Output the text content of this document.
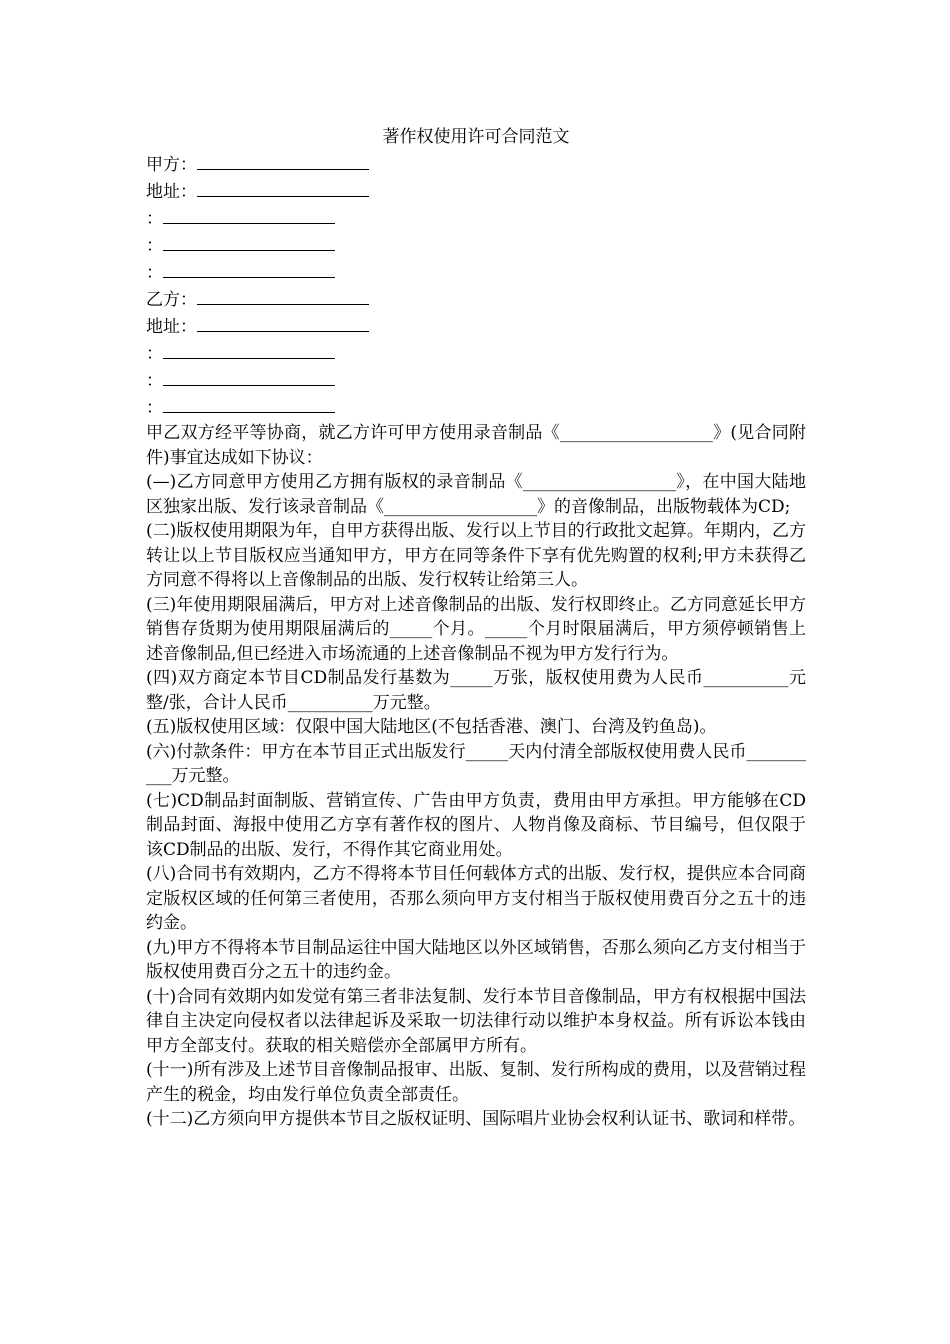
著作权使用许可合同范文
甲方：
地址：
：
：
：
乙方：
地址：
：
：
：

甲乙双方经平等协商，就乙方许可甲方使用录音制品《__________________》(见合同附件)事宜达成如下协议：

(—)乙方同意甲方使用乙方拥有版权的录音制品《__________________》，在中国大陆地区独家出版、发行该录音制品《__________________》的音像制品，出版物载体为CD;

(二)版权使用期限为年，自甲方获得出版、发行以上节目的行政批文起算。年期内，乙方转让以上节目版权应当通知甲方，甲方在同等条件下享有优先购置的权利;甲方未获得乙方同意不得将以上音像制品的出版、发行权转让给第三人。

(三)年使用期限届满后，甲方对上述音像制品的出版、发行权即终止。乙方同意延长甲方销售存货期为使用期限届满后的_____个月。_____个月时限届满后，甲方须停顿销售上述音像制品,但已经进入市场流通的上述音像制品不视为甲方发行行为。

(四)双方商定本节目CD制品发行基数为_____万张，版权使用费为人民币__________元整/张，合计人民币__________万元整。

(五)版权使用区域：仅限中国大陆地区(不包括香港、澳门、台湾及钓鱼岛)。

(六)付款条件：甲方在本节目正式出版发行_____天内付清全部版权使用费人民币__________万元整。

(七)CD制品封面制版、营销宣传、广告由甲方负责，费用由甲方承担。甲方能够在CD制品封面、海报中使用乙方享有著作权的图片、人物肖像及商标、节目编号，但仅限于该CD制品的出版、发行，不得作其它商业用处。

(八)合同书有效期内，乙方不得将本节目任何载体方式的出版、发行权，提供应本合同商定版权区域的任何第三者使用，否那么须向甲方支付相当于版权使用费百分之五十的违约金。

(九)甲方不得将本节目制品运往中国大陆地区以外区域销售，否那么须向乙方支付相当于版权使用费百分之五十的违约金。

(十)合同有效期内如发觉有第三者非法复制、发行本节目音像制品，甲方有权根据中国法律自主决定向侵权者以法律起诉及采取一切法律行动以维护本身权益。所有诉讼本钱由甲方全部支付。获取的相关赔偿亦全部属甲方所有。

(十一)所有涉及上述节目音像制品报审、出版、复制、发行所构成的费用，以及营销过程产生的税金，均由发行单位负责全部责任。

(十二)乙方须向甲方提供本节目之版权证明、国际唱片业协会权利认证书、歌词和样带。
